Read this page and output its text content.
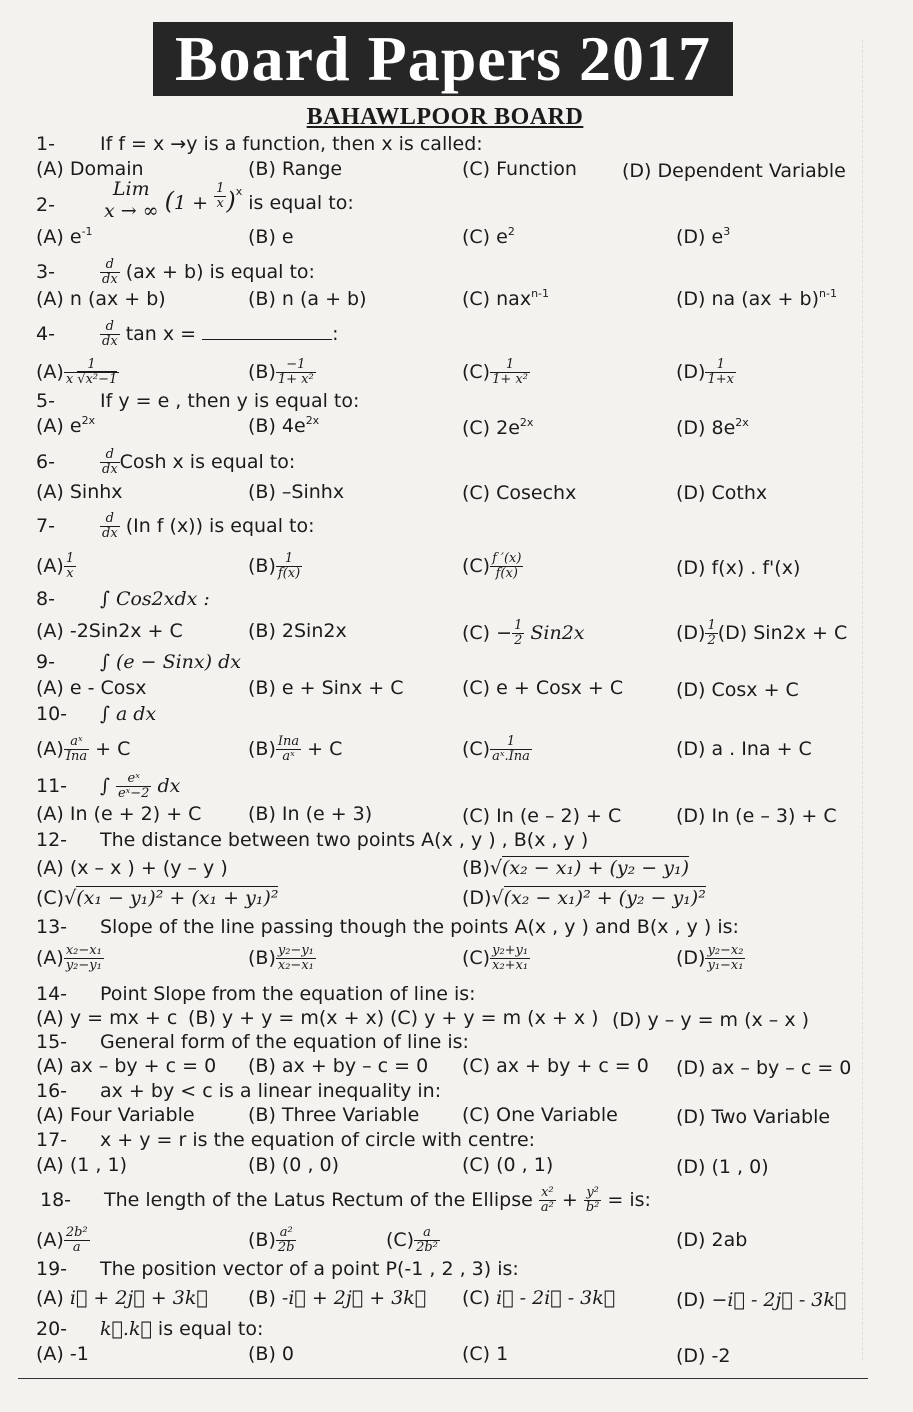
Board Papers 2017
BAHAWLPOOR BOARD
1- If f = x →y is a function, then x is called:
(A) Domain	(B) Range	(C) Function (D) Dependent Variable
2-
Lim
x → ∞ $(1 + \frac{1}{x} )^x$ is equal to:
(A) $e^{-1}$	(B) e	(C) $e^2$	(D) $e^3$
3-	$\frac{d}{dx} (ax + b)$ is equal to:
(A) n (ax + b)	(B) n (a + b)	(C) nax$^{n-1}$	(D) na (ax + b)$^{n-1}$
4-	$\frac{d}{dx}$ tan x =	:
$(A) \frac{1}{\text{x √x²−1}}$	$(B) \frac{-1}{\text{1+ x²}}$	$(C) \frac{1}{\text{1+ x²}}$	$(D) \frac{1}{1+x}$
5- If y = e , then y is equal to:
(A) $e^{2x}$	(B) $4e^{2x}$	(C) $2e^{2x}$	(D) $8e^{2x}$
6-	$\frac{d}{dx}$ Cosh x is equal to:
(A) Sinhx	(B) –Sinhx	(C) Cosechx	(D) Cothx
7-	$\frac{d}{dx} (In$ f (x)) is equal to:
$(A) \frac{1}{x}$	$(B) \frac{1}{f(x)}$	$(C) \frac{f '(x)}{f(x)}$	(D) f(x) . f'(x)
8- ∫ Cos2xdx :
(A) -2Sin2x + C	(B) 2Sin2x	$(C) - \frac{1}{2} Sin2x$	$(D) \frac{1}{2} (D) Sin2x + C$
9- ∫ (e − Sinx) dx
(A) e - Cosx	(B) e + Sinx + C	(C) e + Cosx + C	(D) Cosx + C
10- ∫ a dx
$(A) \frac{\text{aˣ}}{\text{Ina}} + C$	$(B) \frac{\text{Ina}}{\text{aˣ}} + C$	$(C) \frac{1}{\text{aˣ.Ina}}$	(D) a . Ina + C
11- ∫ $\frac{\text{eˣ}}{\text{eˣ−2}}$ dx
(A) In (e + 2) + C (B) In (e + 3)	(C) In (e – 2) + C	(D) In (e – 3) + C
12- The distance between two points A(x , y ) , B(x , y )
(A) (x – x ) + (y – y )	(B)√(x₂ − x₁) + (y₂ − y₁)
(C)√(x₁ − y₁)² + (x₁ + y₁)²	(D)√(x₂ − x₁)² + (y₂ − y₁)²
13- Slope of the line passing though the points A(x , y ) and B(x , y ) is:
$(A) \frac{\text{x₂−x₁}}{\text{y₂−y₁}}$	$(B) \frac{\text{y₂−y₁}}{\text{x₂−x₁}}$	$(C) \frac{\text{y₂+y₁}}{\text{x₂+x₁}}$	$(D) \frac{\text{y₂−x₂}}{\text{y₁−x₁}}$
14- Point Slope from the equation of line is:
(A) y = mx + c (B) y + y = m(x + x) (C) y + y = m (x + x ) (D) y – y = m (x – x )
15- General form of the equation of line is:
(A) ax – by + c = 0 (B) ax + by – c = 0 (C) ax + by + c = 0 (D) ax – by – c = 0
16- ax + by < c is a linear inequality in:
(A) Four Variable	(B) Three Variable (C) One Variable	(D) Two Variable
17- x + y = r is the equation of circle with centre:
(A) (1 , 1)	(B) (0 , 0)	(C) (0 , 1)	(D) (1 , 0)
18- The length of the Latus Rectum of the Ellipse $\frac{\text{x²}}{\text{a²}} + \frac{\text{y²}}{\text{b²}}$ = is:
$(A) \frac{\text{2b²}}{a}$	$(B) \frac{\text{a²}}{2b}$	$(C) \frac{a}{\text{2b²}}$	(D) 2ab
19- The position vector of a point P(-1 , 2 , 3) is:
(A) i⃗ + 2j⃗ + 3k⃗ (B) -i⃗ + 2j⃗ + 3k⃗ (C) i⃗ - 2i⃗ - 3k⃗	(D) −i⃗ - 2j⃗ - 3k⃗
20- k⃗.k⃗ is equal to:
(A) -1	(B) 0	(C) 1	(D) -2
